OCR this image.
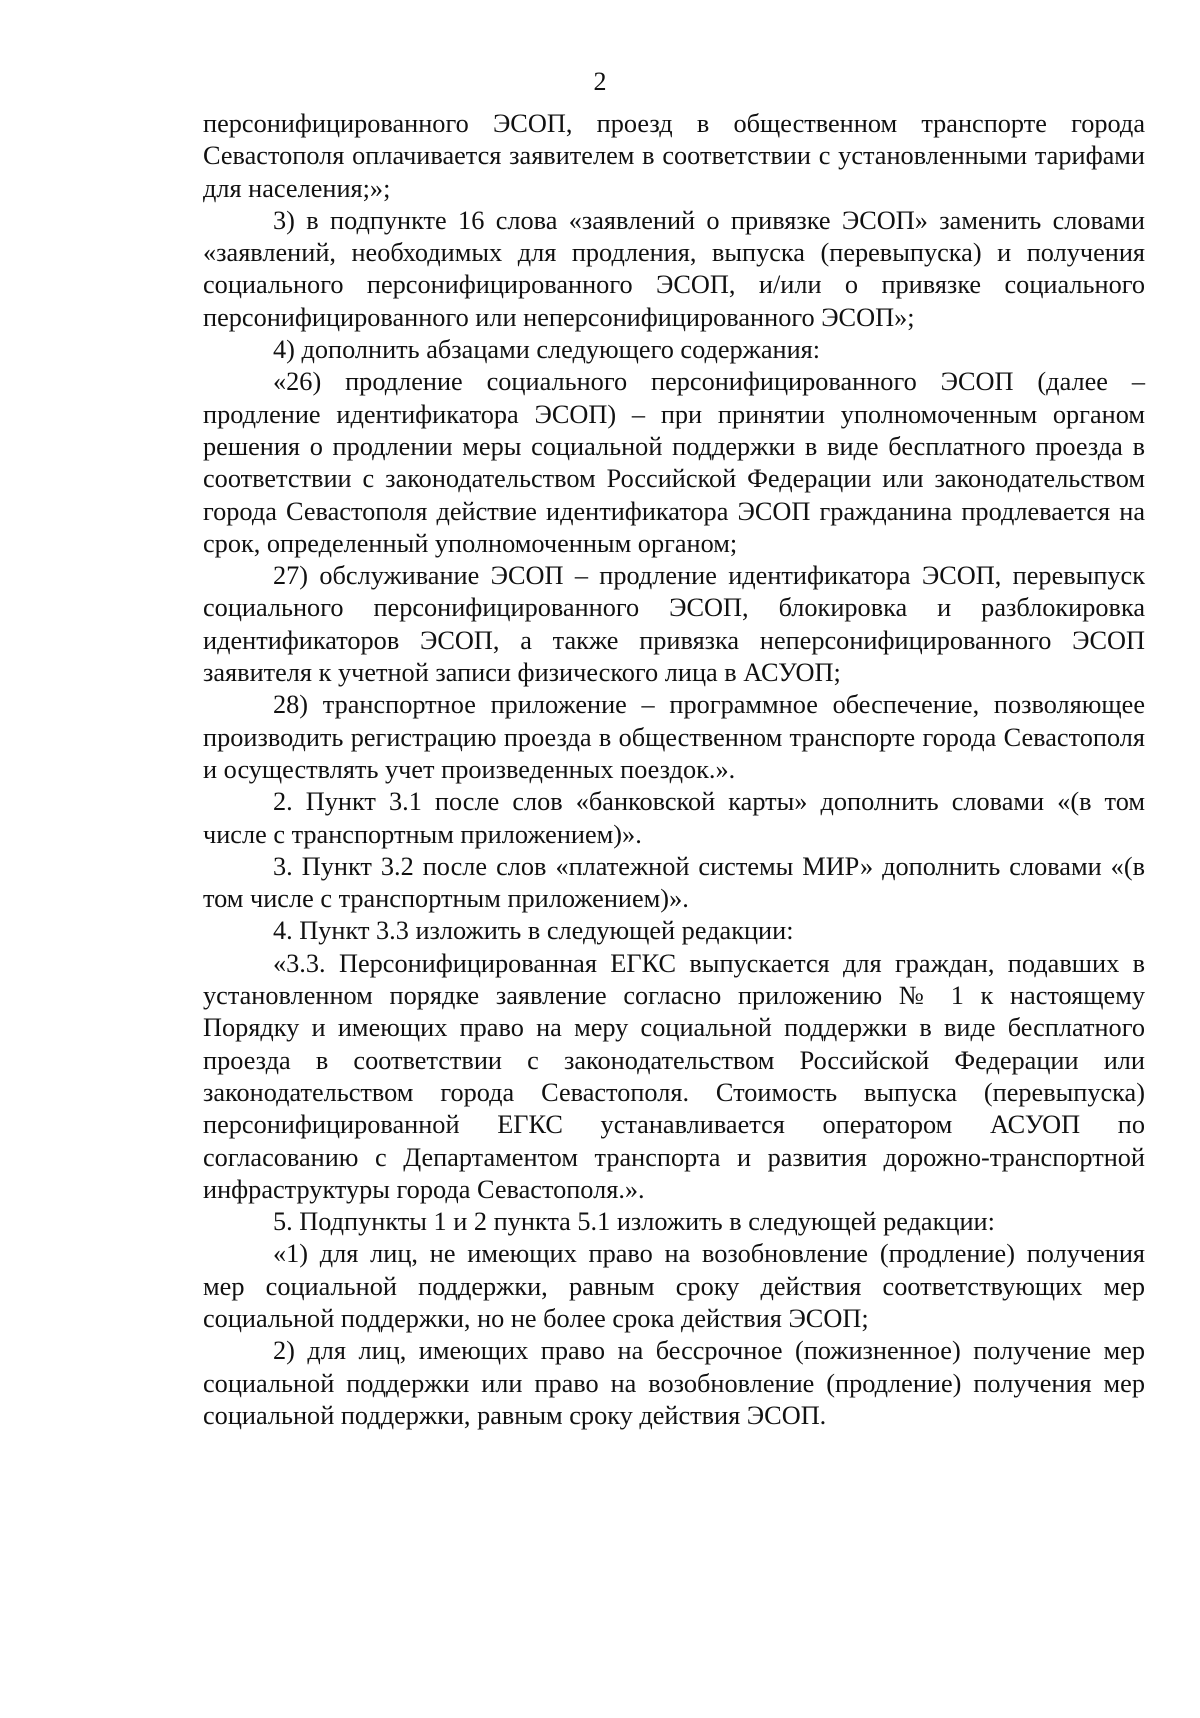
2

персонифицированного ЭСОП, проезд в общественном транспорте города Севастополя оплачивается заявителем в соответствии с установленными тарифами для населения;»;

3) в подпункте 16 слова «заявлений о привязке ЭСОП» заменить словами «заявлений, необходимых для продления, выпуска (перевыпуска) и получения социального персонифицированного ЭСОП, и/или о привязке социального персонифицированного или неперсонифицированного ЭСОП»;

4) дополнить абзацами следующего содержания:

«26) продление социального персонифицированного ЭСОП (далее – продление идентификатора ЭСОП) – при принятии уполномоченным органом решения о продлении меры социальной поддержки в виде бесплатного проезда в соответствии с законодательством Российской Федерации или законодательством города Севастополя действие идентификатора ЭСОП гражданина продлевается на срок, определенный уполномоченным органом;

27) обслуживание ЭСОП – продление идентификатора ЭСОП, перевыпуск социального персонифицированного ЭСОП, блокировка и разблокировка идентификаторов ЭСОП, а также привязка неперсонифицированного ЭСОП заявителя к учетной записи физического лица в АСУОП;

28) транспортное приложение – программное обеспечение, позволяющее производить регистрацию проезда в общественном транспорте города Севастополя и осуществлять учет произведенных поездок.».

2. Пункт 3.1 после слов «банковской карты» дополнить словами «(в том числе с транспортным приложением)».

3. Пункт 3.2 после слов «платежной системы МИР» дополнить словами «(в том числе с транспортным приложением)».

4. Пункт 3.3 изложить в следующей редакции:

«3.3. Персонифицированная ЕГКС выпускается для граждан, подавших в установленном порядке заявление согласно приложению № 1 к настоящему Порядку и имеющих право на меру социальной поддержки в виде бесплатного проезда в соответствии с законодательством Российской Федерации или законодательством города Севастополя. Стоимость выпуска (перевыпуска) персонифицированной ЕГКС устанавливается оператором АСУОП по согласованию с Департаментом транспорта и развития дорожно-транспортной инфраструктуры города Севастополя.».

5. Подпункты 1 и 2 пункта 5.1 изложить в следующей редакции:

«1) для лиц, не имеющих право на возобновление (продление) получения мер социальной поддержки, равным сроку действия соответствующих мер социальной поддержки, но не более срока действия ЭСОП;

2) для лиц, имеющих право на бессрочное (пожизненное) получение мер социальной поддержки или право на возобновление (продление) получения мер социальной поддержки, равным сроку действия ЭСОП.
